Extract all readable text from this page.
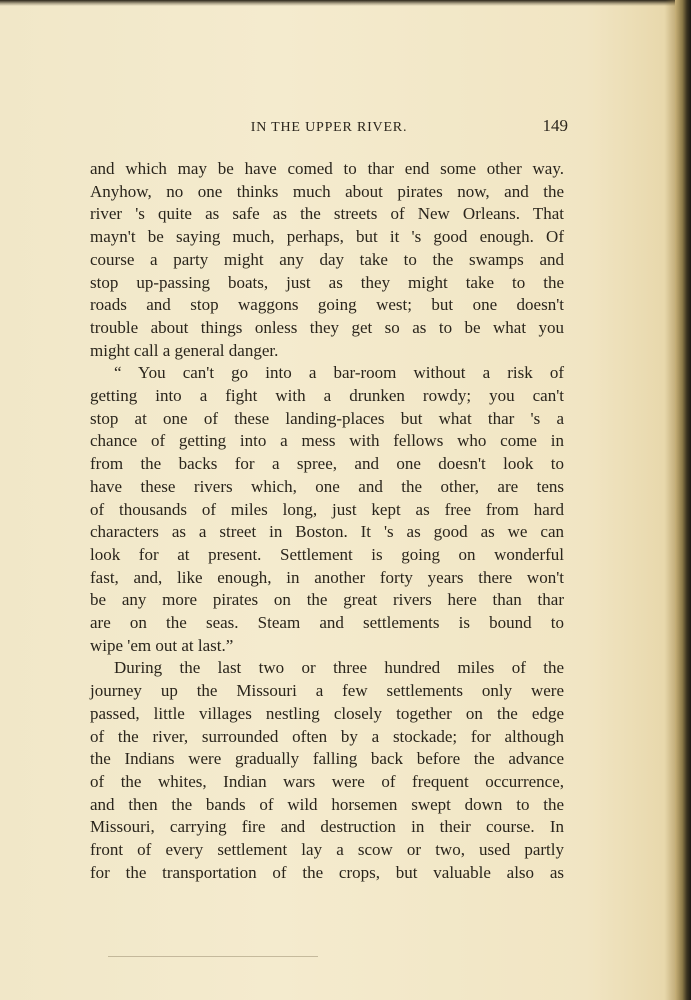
IN THE UPPER RIVER.	149

and which may be have comed to thar end some other way.
Anyhow, no one thinks much about pirates now, and the
river 's quite as safe as the streets of New Orleans. That
mayn't be saying much, perhaps, but it 's good enough. Of
course a party might any day take to the swamps and
stop up-passing boats, just as they might take to the
roads and stop waggons going west; but one doesn't
trouble about things onless they get so as to be what you
might call a general danger.

“ You can't go into a bar-room without a risk of
getting into a fight with a drunken rowdy; you can't
stop at one of these landing-places but what thar 's a
chance of getting into a mess with fellows who come in
from the backs for a spree, and one doesn't look to
have these rivers which, one and the other, are tens
of thousands of miles long, just kept as free from hard
characters as a street in Boston. It 's as good as we can
look for at present. Settlement is going on wonderful
fast, and, like enough, in another forty years there won't
be any more pirates on the great rivers here than thar
are on the seas. Steam and settlements is bound to
wipe 'em out at last.”

During the last two or three hundred miles of the
journey up the Missouri a few settlements only were
passed, little villages nestling closely together on the edge
of the river, surrounded often by a stockade; for although
the Indians were gradually falling back before the advance
of the whites, Indian wars were of frequent occurrence,
and then the bands of wild horsemen swept down to the
Missouri, carrying fire and destruction in their course. In
front of every settlement lay a scow or two, used partly
for the transportation of the crops, but valuable also as
